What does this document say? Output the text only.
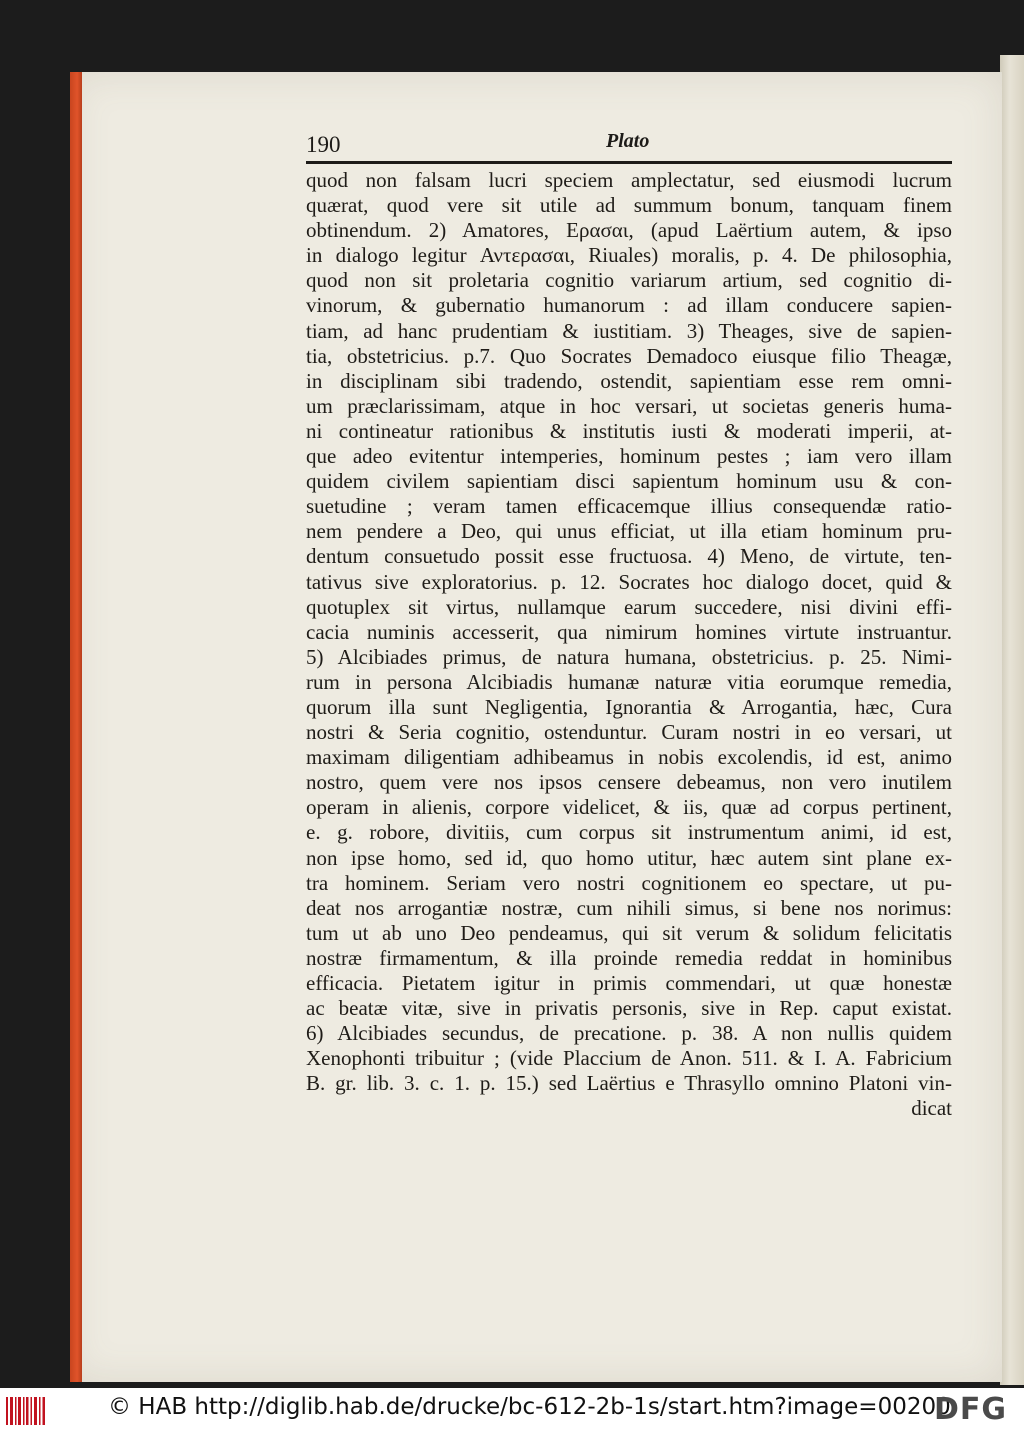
190	Plato
quod non falsam lucri speciem amplectatur, sed eiusmodi lucrum
quærat, quod vere sit utile ad summum bonum, tanquam finem
obtinendum. 2) Amatores, Ερασαι, (apud Laërtium autem, & ipso
in dialogo legitur Αντερασαι, Riuales) moralis, p. 4. De philosophia,
quod non sit proletaria cognitio variarum artium, sed cognitio di-
vinorum, & gubernatio humanorum : ad illam conducere sapien-
tiam, ad hanc prudentiam & iustitiam. 3) Theages, sive de sapien-
tia, obstetricius. p.7. Quo Socrates Demadoco eiusque filio Theagæ,
in disciplinam sibi tradendo, ostendit, sapientiam esse rem omni-
um præclarissimam, atque in hoc versari, ut societas generis huma-
ni contineatur rationibus & institutis iusti & moderati imperii, at-
que adeo evitentur intemperies, hominum pestes ; iam vero illam
quidem civilem sapientiam disci sapientum hominum usu & con-
suetudine ; veram tamen efficacemque illius consequendæ ratio-
nem pendere a Deo, qui unus efficiat, ut illa etiam hominum pru-
dentum consuetudo possit esse fructuosa. 4) Meno, de virtute, ten-
tativus sive exploratorius. p. 12. Socrates hoc dialogo docet, quid &
quotuplex sit virtus, nullamque earum succedere, nisi divini effi-
cacia numinis accesserit, qua nimirum homines virtute instruantur.
5) Alcibiades primus, de natura humana, obstetricius. p. 25. Nimi-
rum in persona Alcibiadis humanæ naturæ vitia eorumque remedia,
quorum illa sunt Negligentia, Ignorantia & Arrogantia, hæc, Cura
nostri & Seria cognitio, ostenduntur. Curam nostri in eo versari, ut
maximam diligentiam adhibeamus in nobis excolendis, id est, animo
nostro, quem vere nos ipsos censere debeamus, non vero inutilem
operam in alienis, corpore videlicet, & iis, quæ ad corpus pertinent,
e. g. robore, divitiis, cum corpus sit instrumentum animi, id est,
non ipse homo, sed id, quo homo utitur, hæc autem sint plane ex-
tra hominem. Seriam vero nostri cognitionem eo spectare, ut pu-
deat nos arrogantiæ nostræ, cum nihili simus, si bene nos norimus:
tum ut ab uno Deo pendeamus, qui sit verum & solidum felicitatis
nostræ firmamentum, & illa proinde remedia reddat in hominibus
efficacia. Pietatem igitur in primis commendari, ut quæ honestæ
ac beatæ vitæ, sive in privatis personis, sive in Rep. caput existat.
6) Alcibiades secundus, de precatione. p. 38. A non nullis quidem
Xenophonti tribuitur ; (vide Placcium de Anon. 511. & I. A. Fabricium
B. gr. lib. 3. c. 1. p. 15.) sed Laërtius e Thrasyllo omnino Platoni vin-
dicat
© HAB http://diglib.hab.de/drucke/bc-612-2b-1s/start.htm?image=00200
DFG
